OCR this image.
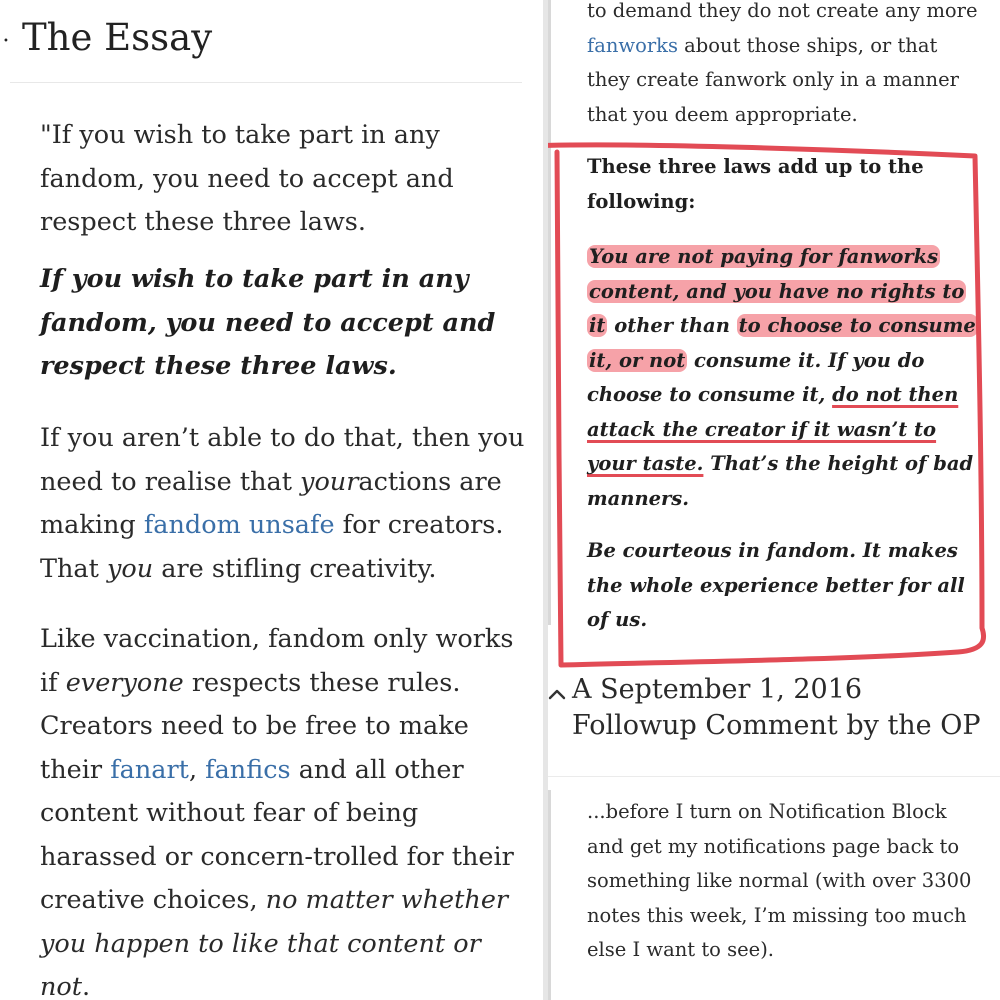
• The Essay

"If you wish to take part in any fandom, you need to accept and respect these three laws.

If you wish to take part in any fandom, you need to accept and respect these three laws.

If you aren’t able to do that, then you need to realise that youractions are making fandom unsafe for creators. That you are stifling creativity.

Like vaccination, fandom only works if everyone respects these rules. Creators need to be free to make their fanart, fanfics and all other content without fear of being harassed or concern-trolled for their creative choices, no matter whether you happen to like that content or not.

to demand they do not create any more fanworks about those ships, or that they create fanwork only in a manner that you deem appropriate.

These three laws add up to the following:

You are not paying for fanworks content, and you have no rights to it other than to choose to consume it, or not consume it. If you do choose to consume it, do not then attack the creator if it wasn’t to your taste. That’s the height of bad manners.

Be courteous in fandom. It makes the whole experience better for all of us.

A September 1, 2016 Followup Comment by the OP

...before I turn on Notification Block and get my notifications page back to something like normal (with over 3300 notes this week, I’m missing too much else I want to see).
